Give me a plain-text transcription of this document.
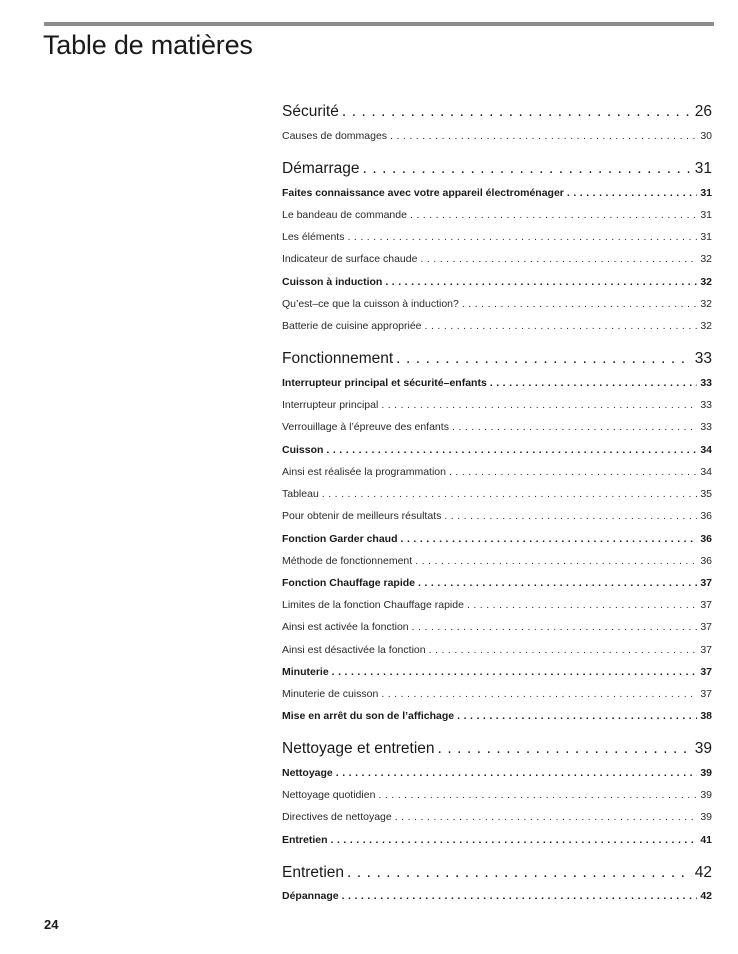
Table de matières
Sécurité . . .	26
Causes de dommages . . .	30
Démarrage . . .	31
Faites connaissance avec votre appareil électroménager . . .	31
Le bandeau de commande . . .	31
Les éléments . . .	31
Indicateur de surface chaude . . .	32
Cuisson à induction . . .	32
Qu’est–ce que la cuisson à induction? . . .	32
Batterie de cuisine appropriée . . .	32
Fonctionnement . . .	33
Interrupteur principal et sécurité–enfants . . .	33
Interrupteur principal . . .	33
Verrouillage à l’épreuve des enfants . . .	33
Cuisson . . .	34
Ainsi est réalisée la programmation . . .	34
Tableau . . .	35
Pour obtenir de meilleurs résultats . . .	36
Fonction Garder chaud . . .	36
Méthode de fonctionnement . . .	36
Fonction Chauffage rapide . . .	37
Limites de la fonction Chauffage rapide . . .	37
Ainsi est activée la fonction . . .	37
Ainsi est désactivée la fonction . . .	37
Minuterie . . .	37
Minuterie de cuisson . . .	37
Mise en arrêt du son de l’affichage . . .	38
Nettoyage et entretien . . .	39
Nettoyage . . .	39
Nettoyage quotidien . . .	39
Directives de nettoyage . . .	39
Entretien . . .	41
Entretien . . .	42
Dépannage . . .	42
24
